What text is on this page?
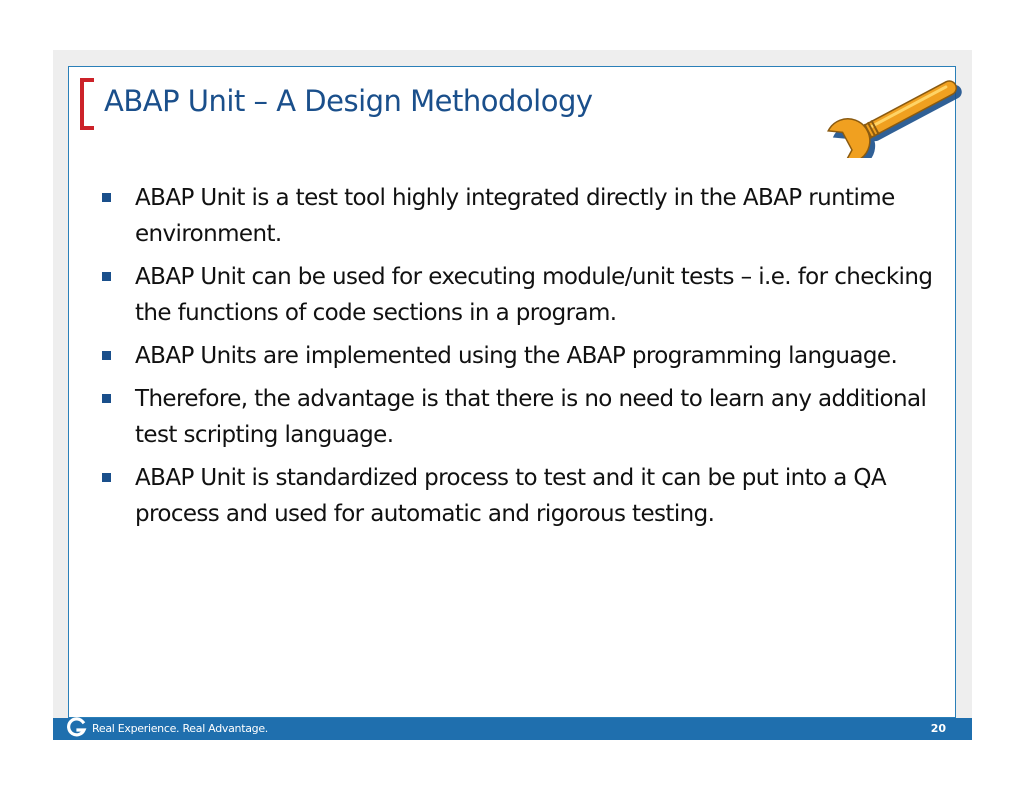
ABAP Unit – A Design Methodology
ABAP Unit is a test tool highly integrated directly in the ABAP runtime environment.
ABAP Unit can be used for executing module/unit tests – i.e. for checking the functions of code sections in a program.
ABAP Units are implemented using the ABAP programming language.
Therefore, the advantage is that there is no need to learn any additional test scripting language.
ABAP Unit is standardized process to test and it can be put into a QA process and used for automatic and rigorous testing.
Real Experience. Real Advantage.	20
